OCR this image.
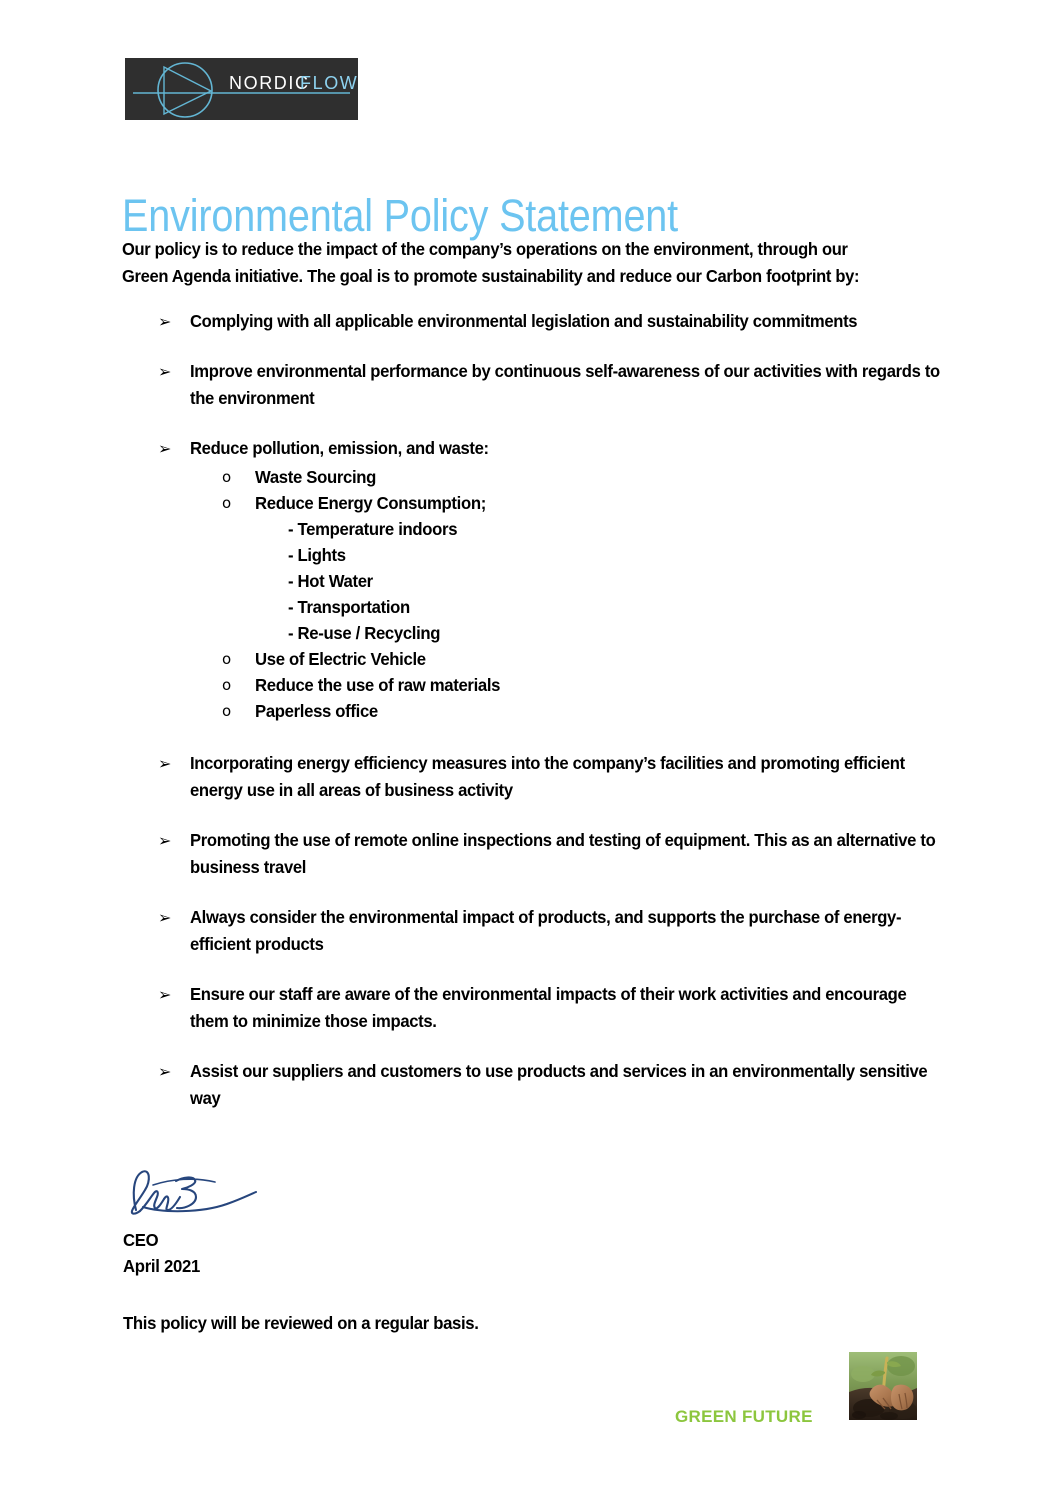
NORDIC
FLOW
Environmental Policy Statement

Our policy is to reduce the impact of the company’s operations on the environment, through our Green Agenda initiative. The goal is to promote sustainability and reduce our Carbon footprint by:

➢ Complying with all applicable environmental legislation and sustainability commitments
➢ Improve environmental performance by continuous self-awareness of our activities with regards to the environment
➢ Reduce pollution, emission, and waste:
o Waste Sourcing
o Reduce Energy Consumption;
- Temperature indoors
- Lights
- Hot Water
- Transportation
- Re-use / Recycling
o Use of Electric Vehicle
o Reduce the use of raw materials
o Paperless office
➢ Incorporating energy efficiency measures into the company’s facilities and promoting efficient energy use in all areas of business activity
➢ Promoting the use of remote online inspections and testing of equipment. This as an alternative to business travel
➢ Always consider the environmental impact of products, and supports the purchase of energy-efficient products
➢ Ensure our staff are aware of the environmental impacts of their work activities and encourage them to minimize those impacts.
➢ Assist our suppliers and customers to use products and services in an environmentally sensitive way
CEO
April 2021
This policy will be reviewed on a regular basis.
GREEN FUTURE
